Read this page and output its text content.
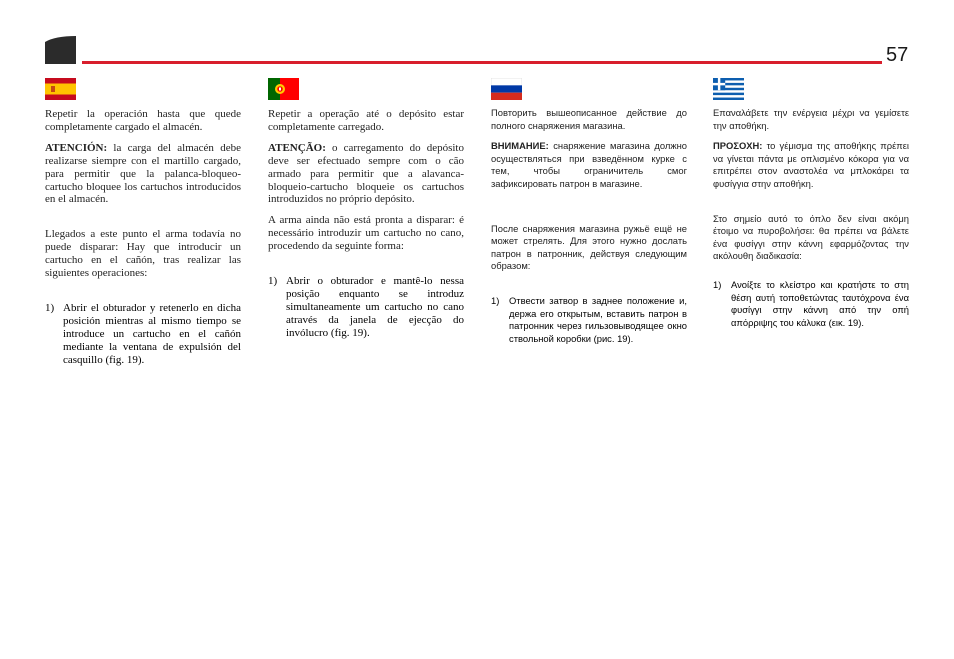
57

Repetir la operación hasta que quede completamente cargado el almacén.

ATENCIÓN: la carga del almacén debe realizarse siempre con el martillo cargado, para permitir que la palanca-bloqueo-cartucho bloquee los cartuchos introducidos en el almacén.

Llegados a este punto el arma todavía no puede disparar: Hay que introducir un cartucho en el cañón, tras realizar las siguientes operaciones:

1) Abrir el obturador y retenerlo en dicha posición mientras al mismo tiempo se introduce un cartucho en el cañón mediante la ventana de expulsión del casquillo (fig. 19).

Repetir a operação até o depósito estar completamente carregado.

ATENÇÃO: o carregamento do depósito deve ser efectuado sempre com o cão armado para permitir que a alavanca-bloqueio-cartucho bloqueie os cartuchos introduzidos no próprio depósito.

A arma ainda não está pronta a disparar: é necessário introduzir um cartucho no cano, procedendo da seguinte forma:

1) Abrir o obturador e mantê-lo nessa posição enquanto se introduz simultaneamente um cartucho no cano através da janela de ejecção do invólucro (fig. 19).

Повторить вышеописанное действие до полного снаряжения магазина.

ВНИМАНИЕ: снаряжение магазина должно осуществляться при взведённом курке с тем, чтобы ограничитель смог зафиксировать патрон в магазине.

После снаряжения магазина ружьё ещё не может стрелять. Для этого нужно дослать патрон в патронник, действуя следующим образом:

1)	Отвести затвор в заднее положение и, держа его открытым, вставить патрон в патронник через гильзовыводящее окно ствольной коробки (рис. 19).

Επαναλάβετε την ενέργεια μέχρι να γεμίσετε την αποθήκη.

ΠΡΟΣΟΧΗ: το γέμισμα της αποθήκης πρέπει να γίνεται πάντα με οπλισμένο κόκορα για να επιτρέπει στον αναστολέα να μπλοκάρει τα φυσίγγια στην αποθήκη.

Στο σημείο αυτό το όπλο δεν είναι ακόμη έτοιμο να πυροβολήσει: θα πρέπει να βάλετε ένα φυσίγγι στην κάννη εφαρμόζοντας την ακόλουθη διαδικασία:

1)	Ανοίξτε το κλείστρο και κρατήστε το στη θέση αυτή τοποθετώντας ταυτόχρονα ένα φυσίγγι στην κάννη από την οπή απόρριψης του κάλυκα (εικ. 19).
